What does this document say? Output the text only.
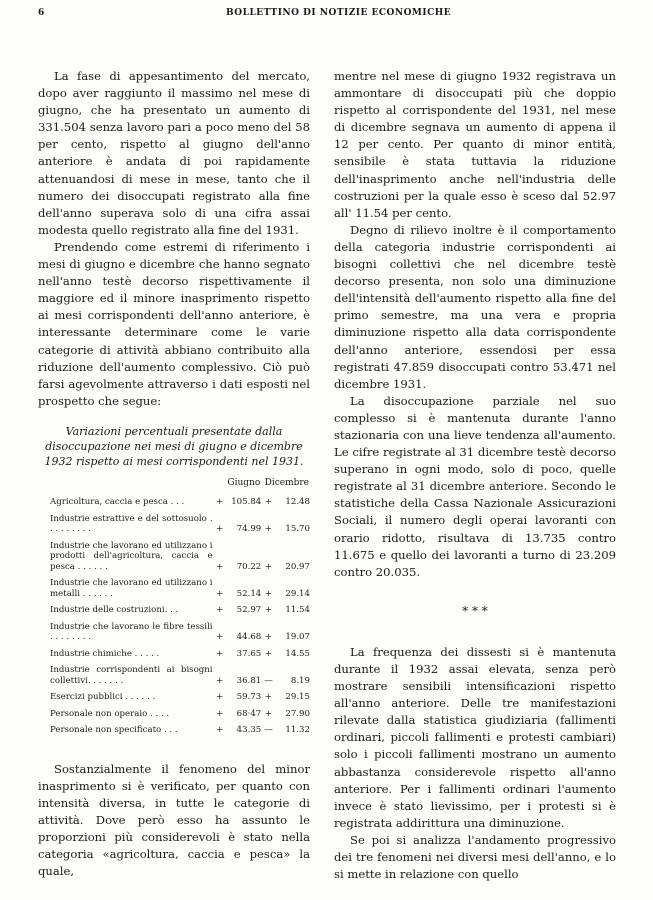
6	BOLLETTINO DI NOTIZIE ECONOMICHE

La fase di appesantimento del mercato, dopo aver raggiunto il massimo nel mese di giugno, che ha presentato un aumento di 331.504 senza lavoro pari a poco meno del 58 per cento, rispetto al giugno dell'anno anteriore è andata di poi rapidamente attenuandosi di mese in mese, tanto che il numero dei disoccupati registrato alla fine dell'anno superava solo di una cifra assai modesta quello registrato alla fine del 1931.

Prendendo come estremi di riferimento i mesi di giugno e dicembre che hanno segnato nell'anno testè decorso rispettivamente il maggiore ed il minore inasprimento rispetto ai mesi corrispondenti dell'anno anteriore, è interessante determinare come le varie categorie di attività abbiano contribuito alla riduzione dell'aumento complessivo. Ciò può farsi agevolmente attraverso i dati esposti nel prospetto che segue:

Variazioni percentuali presentate dalla disoccupazione nei mesi di giugno e dicembre 1932 rispetto ai mesi corrispondenti nel 1931.
	Giugno		Dicembre	
Agricoltura, caccia e pesca . . .	+	105.84	+	12.48
Industrie estrattive e del sottosuolo . . . . . . . . .	+	74.99	+	15.70
Industrie che lavorano ed utilizzano i prodotti dell'agricoltura, caccia e pesca . . . . . .	+	70.22	+	20.97
Industrie che lavorano ed utilizzano i metalli . . . . . .	+	52.14	+	29.14
Industrie delle costruzioni. . .	+	52.97	+	11.54
Industrie che lavorano le fibre tessili . . . . . . . .	+	44.68	+	19.07
Industrie chimiche . . . . .	+	37.65	+	14.55
Industrie corrispondenti ai bisogni collettivi. . . . . . .	+	36.81	—	8.19
Esercizi pubblici . . . . . .	+	59.73	+	29.15
Personale non operaio . . . .	+	68·47	+	27.90
Personale non specificato . . .	+	43.35	—	11.32

Sostanzialmente il fenomeno del minor inasprimento si è verificato, per quanto con intensità diversa, in tutte le categorie di attività. Dove però esso ha assunto le proporzioni più considerevoli è stato nella categoria «agricoltura, caccia e pesca» la quale,

mentre nel mese di giugno 1932 registrava un ammontare di disoccupati più che doppio rispetto al corrispondente del 1931, nel mese di dicembre segnava un aumento di appena il 12 per cento. Per quanto di minor entità, sensibile è stata tuttavia la riduzione dell'inasprimento anche nell'industria delle costruzioni per la quale esso è sceso dal 52.97 all' 11.54 per cento.

Degno di rilievo inoltre è il comportamento della categoria industrie corrispondenti ai bisogni collettivi che nel dicembre testè decorso presenta, non solo una diminuzione dell'intensità dell'aumento rispetto alla fine del primo semestre, ma una vera e propria diminuzione rispetto alla data corrispondente dell'anno anteriore, essendosi per essa registrati 47.859 disoccupati contro 53.471 nel dicembre 1931.

La disoccupazione parziale nel suo complesso si è mantenuta durante l'anno stazionaria con una lieve tendenza all'aumento. Le cifre registrate al 31 dicembre testè decorso superano in ogni modo, solo di poco, quelle registrate al 31 dicembre anteriore. Secondo le statistiche della Cassa Nazionale Assicurazioni Sociali, il numero degli operai lavoranti con orario ridotto, risultava di 13.735 contro 11.675 e quello dei lavoranti a turno di 23.209 contro 20.035.

* * *

La frequenza dei dissesti si è mantenuta durante il 1932 assai elevata, senza però mostrare sensibili intensificazioni rispetto all'anno anteriore. Delle tre manifestazioni rilevate dalla statistica giudiziaria (fallimenti ordinari, piccoli fallimenti e protesti cambiari) solo i piccoli fallimenti mostrano un aumento abbastanza considerevole rispetto all'anno anteriore. Per i fallimenti ordinari l'aumento invece è stato lievissimo, per i protesti si è registrata addirittura una diminuzione.

Se poi si analizza l'andamento progressivo dei tre fenomeni nei diversi mesi dell'anno, e lo si mette in relazione con quello
